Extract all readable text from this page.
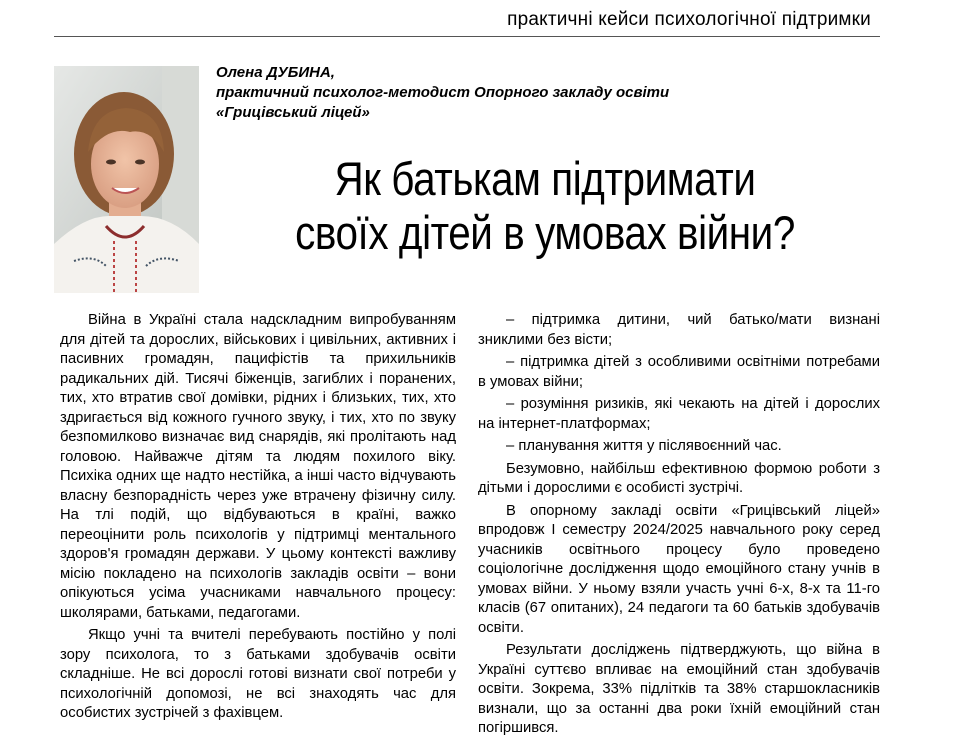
практичні кейси психологічної підтримки
Олена ДУБИНА,
практичний психолог-методист Опорного закладу освіти
«Грицівський ліцей»
Як батькам підтримати
своїх дітей в умовах війни?

Війна в Україні стала надскладним випробуванням для дітей та дорослих, військових і цивільних, активних і пасивних громадян, пацифістів та прихильників радикальних дій. Тисячі біженців, загиблих і поранених, тих, хто втратив свої домівки, рідних і близьких, тих, хто здригається від кожного гучного звуку, і тих, хто по звуку безпомилково визначає вид снарядів, які пролітають над головою. Найважче дітям та людям похилого віку. Психіка одних ще надто нестійка, а інші часто відчувають власну безпорадність через уже втрачену фізичну силу. На тлі подій, що відбуваються в країні, важко переоцінити роль психологів у підтримці ментального здоров'я громадян держави. У цьому контексті важливу місію покладено на психологів закладів освіти – вони опікуються усіма учасниками навчального процесу: школярами, батьками, педагогами.

Якщо учні та вчителі перебувають постійно у полі зору психолога, то з батьками здобувачів освіти складніше. Не всі дорослі готові визнати свої потреби у психологічній допомозі, не всі знаходять час для особистих зустрічей з фахівцем.

– підтримка дитини, чий батько/мати визнані зниклими без вісти;

– підтримка дітей з особливими освітніми потребами в умовах війни;

– розуміння ризиків, які чекають на дітей і дорослих на інтернет-платформах;

– планування життя у післявоєнний час.

Безумовно, найбільш ефективною формою роботи з дітьми і дорослими є особисті зустрічі.

В опорному закладі освіти «Грицівський ліцей» впродовж I семестру 2024/2025 навчального року серед учасників освітнього процесу було проведено соціологічне дослідження щодо емоційного стану учнів в умовах війни. У ньому взяли участь учні 6-х, 8-х та 11-го класів (67 опитаних), 24 педагоги та 60 батьків здобувачів освіти.

Результати досліджень підтверджують, що війна в Україні суттєво впливає на емоційний стан здобувачів освіти. Зокрема, 33% підлітків та 38% старшокласників визнали, що за останні два роки їхній емоційний стан погіршився.
